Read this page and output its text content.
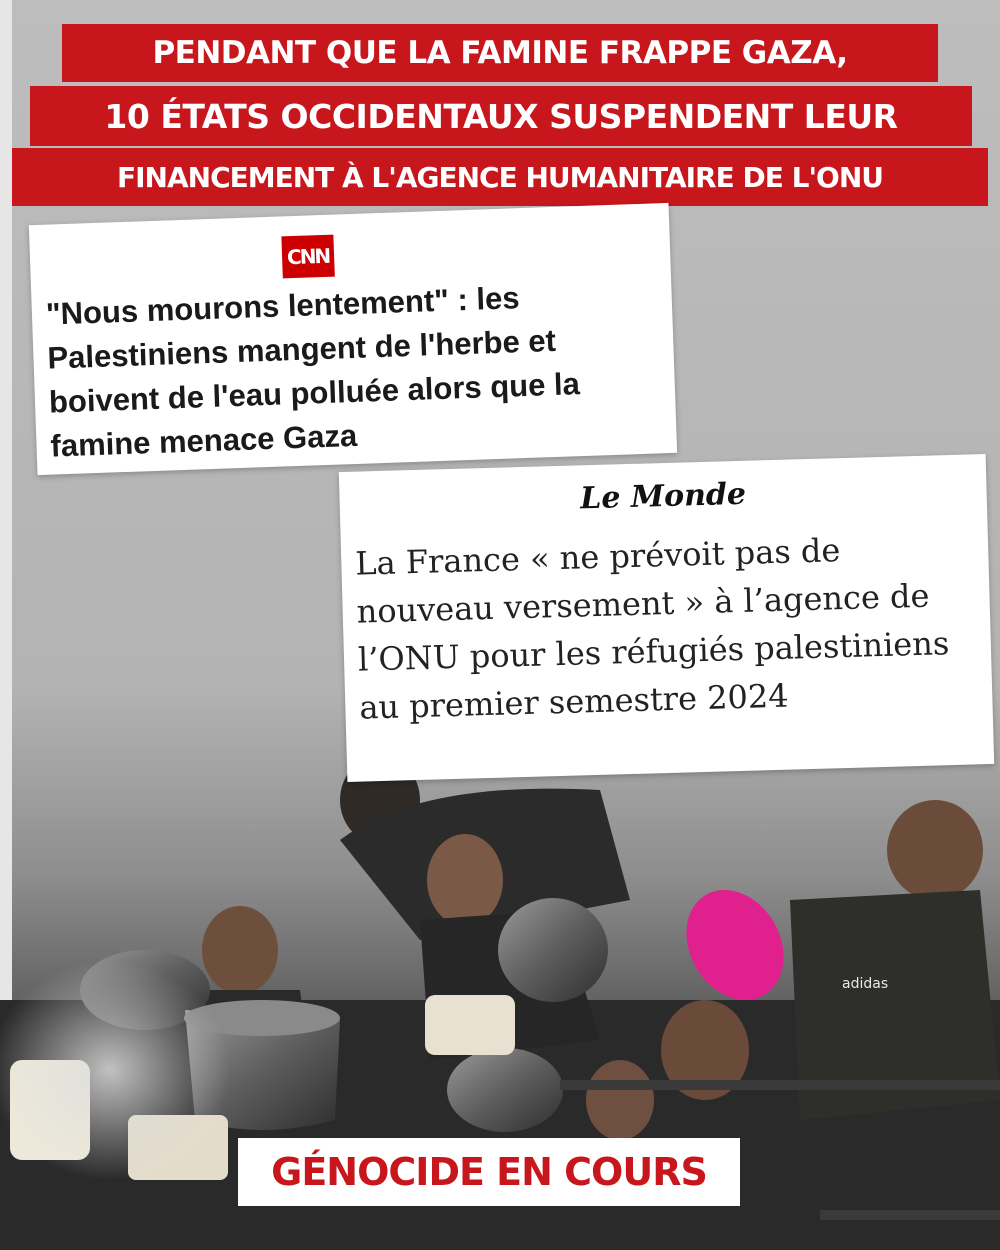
PENDANT QUE LA FAMINE FRAPPE GAZA,
10 ÉTATS OCCIDENTAUX SUSPENDENT LEUR
FINANCEMENT À L'AGENCE HUMANITAIRE DE L'ONU
adidas
CNN
"Nous mourons lentement" : les Palestiniens mangent de l'herbe et boivent de l'eau polluée alors que la famine menace Gaza
Le Monde
La France « ne prévoit pas de nouveau versement » à l’agence de l’ONU pour les réfugiés palestiniens au premier semestre 2024
GÉNOCIDE EN COURS
